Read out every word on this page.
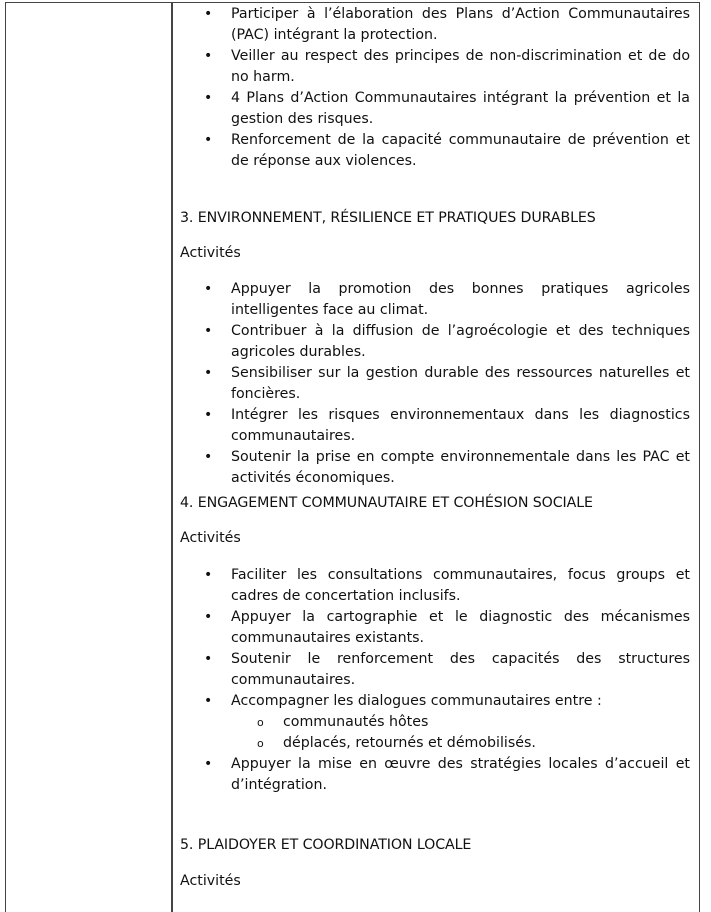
• Participer à l’élaboration des Plans d’Action Communautaires (PAC) intégrant la protection.
• Veiller au respect des principes de non-discrimination et de do no harm.
• 4 Plans d’Action Communautaires intégrant la prévention et la gestion des risques.
• Renforcement de la capacité communautaire de prévention et de réponse aux violences.
3. ENVIRONNEMENT, RÉSILIENCE ET PRATIQUES DURABLES
Activités
• Appuyer la promotion des bonnes pratiques agricoles intelligentes face au climat.
• Contribuer à la diffusion de l’agroécologie et des techniques agricoles durables.
• Sensibiliser sur la gestion durable des ressources naturelles et foncières.
• Intégrer les risques environnementaux dans les diagnostics communautaires.
• Soutenir la prise en compte environnementale dans les PAC et activités économiques.
4. ENGAGEMENT COMMUNAUTAIRE ET COHÉSION SOCIALE
Activités
• Faciliter les consultations communautaires, focus groups et cadres de concertation inclusifs.
• Appuyer la cartographie et le diagnostic des mécanismes communautaires existants.
• Soutenir le renforcement des capacités des structures communautaires.
• Accompagner les dialogues communautaires entre :
o communautés hôtes
o déplacés, retournés et démobilisés.
• Appuyer la mise en œuvre des stratégies locales d’accueil et d’intégration.
5. PLAIDOYER ET COORDINATION LOCALE
Activités
